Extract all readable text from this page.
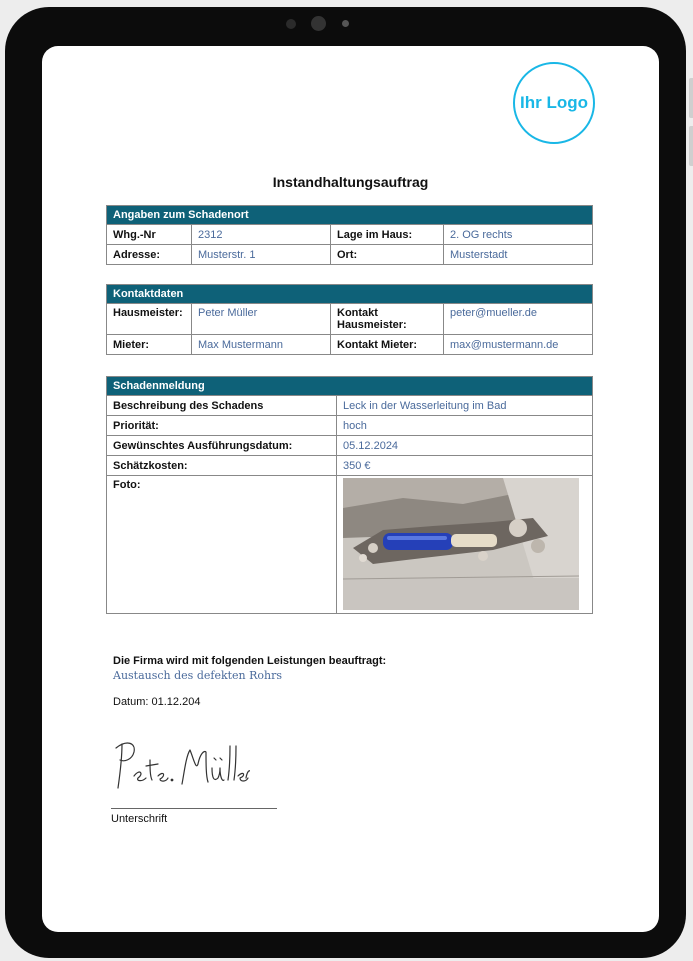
Ihr Logo
Instandhaltungsauftrag
Angaben zum Schadenort			
Whg.-Nr	2312	Lage im Haus:	2. OG rechts
Adresse:	Musterstr. 1	Ort:	Musterstadt
Kontaktdaten			
Hausmeister:	Peter Müller	Kontakt Hausmeister:	peter@mueller.de
Mieter:	Max Mustermann	Kontakt Mieter:	max@mustermann.de
Schadenmeldung	
Beschreibung des Schadens	Leck in der Wasserleitung im Bad
Priorität:	hoch
Gewünschtes Ausführungsdatum:	05.12.2024
Schätzkosten:	350 €
Foto:	
Die Firma wird mit folgenden Leistungen beauftragt:
Austausch des defekten Rohrs
Datum: 01.12.204
Peter Müller
Unterschrift
